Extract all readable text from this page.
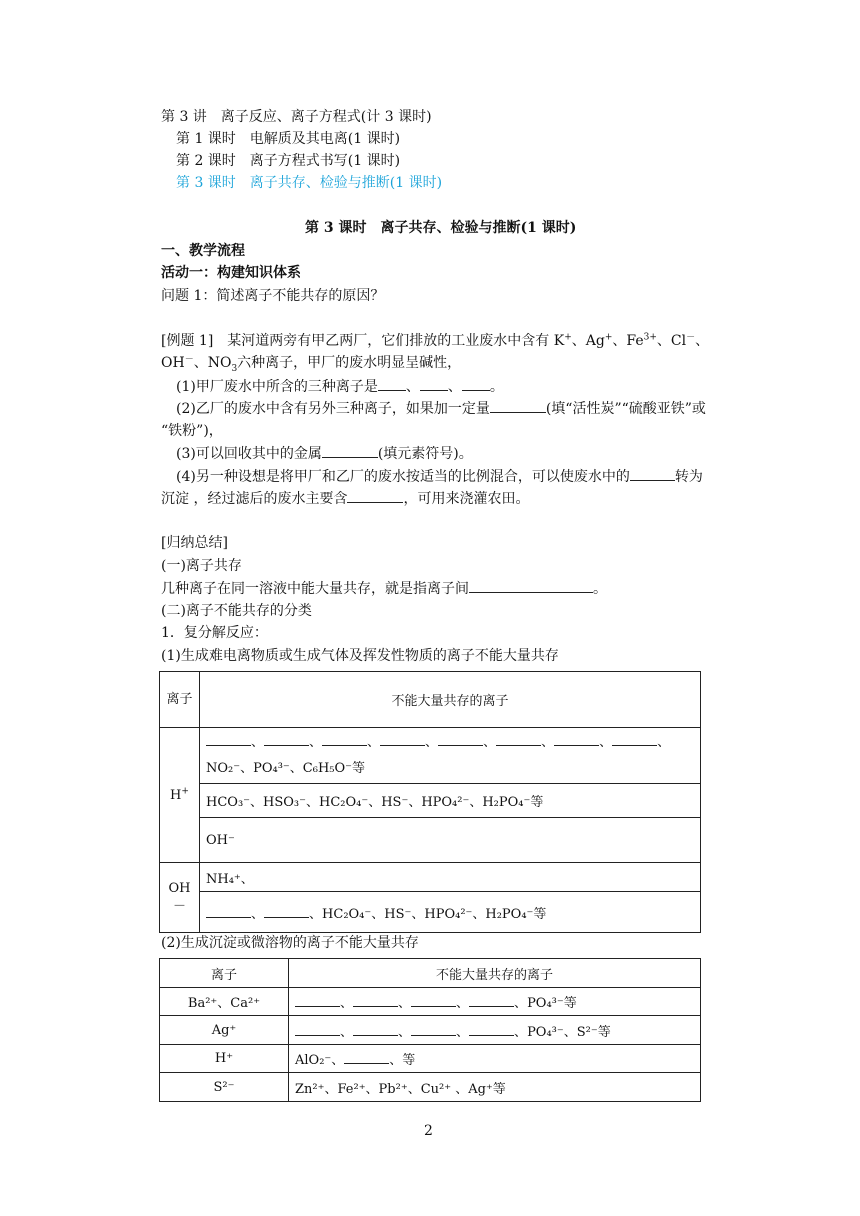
第 3 讲　离子反应、离子方程式(计 3 课时)
第 1 课时　电解质及其电离(1 课时)
第 2 课时　离子方程式书写(1 课时)
第 3 课时　离子共存、检验与推断(1 课时)
第 3 课时　离子共存、检验与推断(1 课时)
一、教学流程
活动一：构建知识体系
问题 1：简述离子不能共存的原因？
[例题 1]　某河道两旁有甲乙两厂，它们排放的工业废水中含有 K+、Ag+、$Fe^{3+}$、Cl－、
OH－、$NO_3$六种离子，甲厂的废水明显呈碱性，
(1)甲厂废水中所含的三种离子是 、 、 。
(2)乙厂的废水中含有另外三种离子，如果加一定量	(填“活性炭”“硫酸亚铁”或
“铁粉”)，
(3)可以回收其中的金属	(填元素符号)。
(4)另一种设想是将甲厂和乙厂的废水按适当的比例混合，可以使废水中的	转为
沉淀 ，经过滤后的废水主要含	，可用来浇灌农田。
[归纳总结]
(一)离子共存
几种离子在同一溶液中能大量共存，就是指离子间	。
(二)离子不能共存的分类
1．复分解反应：
(1)生成难电离物质或生成气体及挥发性物质的离子不能大量共存
离子	不能大量共存的离子
H+	、 、 、 、 、 、 、 、
NO₂⁻、PO₄³⁻、C₆H₅O⁻等
	HCO₃⁻、HSO₃⁻、HC₂O₄⁻、HS⁻、HPO₄²⁻、H₂PO₄⁻等
	OH⁻
OH
－	NH₄⁺、
	、 、HC₂O₄⁻、HS⁻、HPO₄²⁻、H₂PO₄⁻等
(2)生成沉淀或微溶物的离子不能大量共存
离子	不能大量共存的离子
Ba²⁺、Ca²⁺	、 、 、 、PO₄³⁻等
Ag⁺	、 、 、 、PO₄³⁻、S²⁻等
H⁺	AlO₂⁻、 、等
S²⁻	Zn²⁺、Fe²⁺、Pb²⁺、Cu²⁺ 、Ag⁺等
2
